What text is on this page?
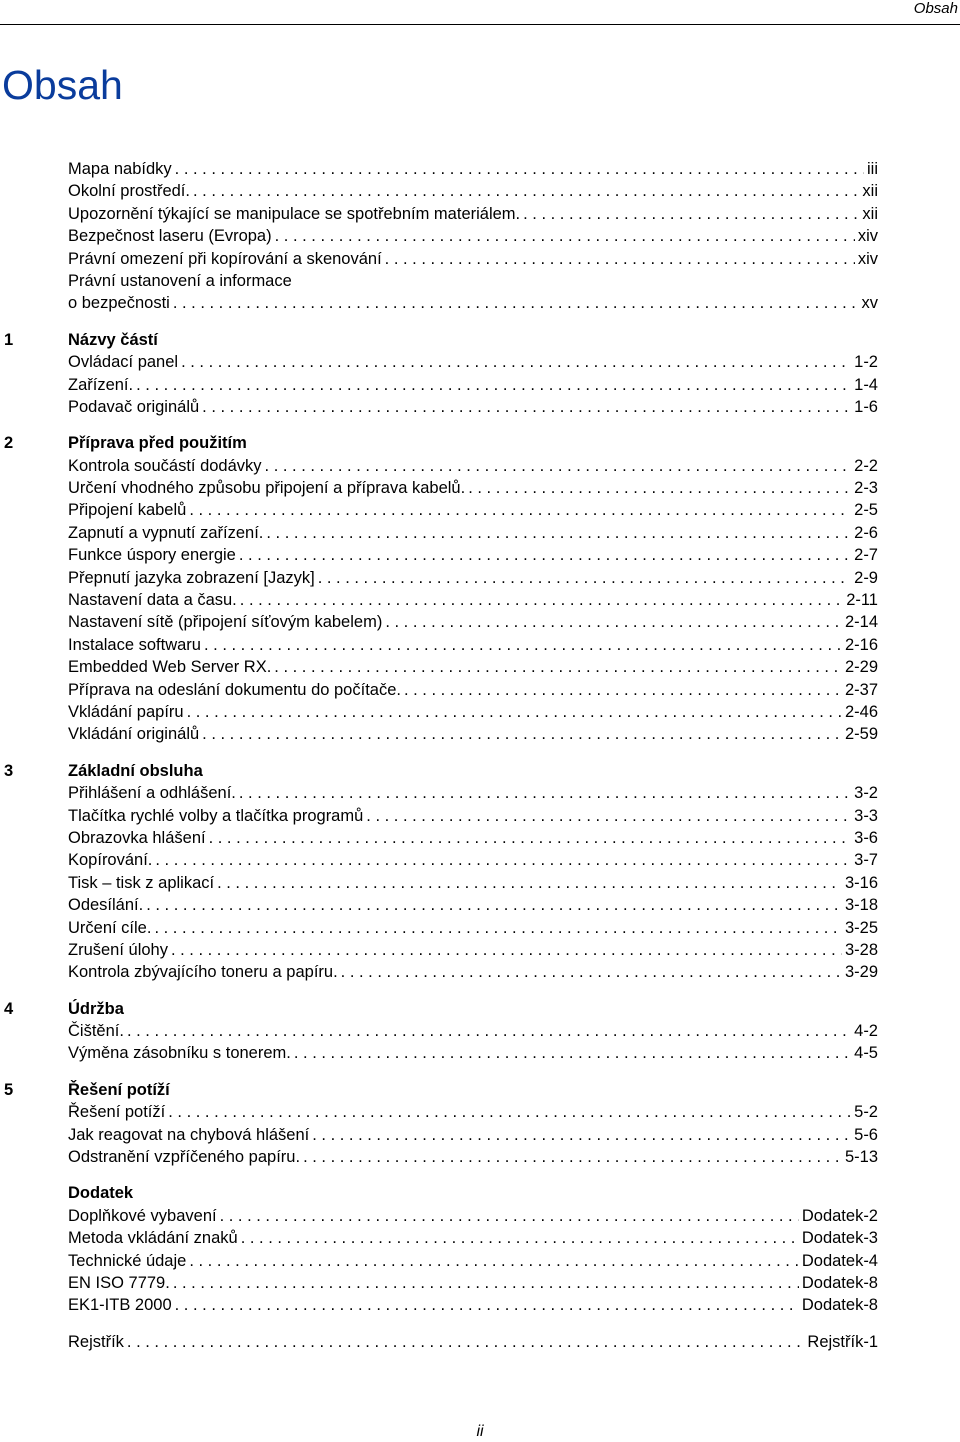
Obsah
Obsah
Mapa nabídky . . .	iii
Okolní prostředí. . . .	xii
Upozornění týkající se manipulace se spotřebním materiálem. . . .	xii
Bezpečnost laseru (Evropa) . . .	xiv
Právní omezení při kopírování a skenování . . .	xiv
Právní ustanovení a informace
o bezpečnosti . . .	xv
1	Názvy částí
Ovládací panel . . .	1-2
Zařízení. . . .	1-4
Podavač originálů . . .	1-6
2	Příprava před použitím
Kontrola součástí dodávky . . .	2-2
Určení vhodného způsobu připojení a příprava kabelů. . . .	2-3
Připojení kabelů . . .	2-5
Zapnutí a vypnutí zařízení. . . .	2-6
Funkce úspory energie . . .	2-7
Přepnutí jazyka zobrazení [Jazyk] . . .	2-9
Nastavení data a času. . . .	2-11
Nastavení sítě (připojení síťovým kabelem) . . .	2-14
Instalace softwaru . . .	2-16
Embedded Web Server RX. . . .	2-29
Příprava na odeslání dokumentu do počítače. . . .	2-37
Vkládání papíru . . .	2-46
Vkládání originálů . . .	2-59
3	Základní obsluha
Přihlášení a odhlášení. . . .	3-2
Tlačítka rychlé volby a tlačítka programů . . .	3-3
Obrazovka hlášení . . .	3-6
Kopírování. . . .	3-7
Tisk – tisk z aplikací . . .	3-16
Odesílání. . . .	3-18
Určení cíle. . . .	3-25
Zrušení úlohy . . .	3-28
Kontrola zbývajícího toneru a papíru. . . .	3-29
4	Údržba
Čištění. . . .	4-2
Výměna zásobníku s tonerem. . . .	4-5
5	Řešení potíží
Řešení potíží . . .	5-2
Jak reagovat na chybová hlášení . . .	5-6
Odstranění vzpříčeného papíru. . . .	5-13
Dodatek
Doplňkové vybavení . . .	Dodatek-2
Metoda vkládání znaků . . .	Dodatek-3
Technické údaje . . .	Dodatek-4
EN ISO 7779. . . .	Dodatek-8
EK1-ITB 2000 . . .	Dodatek-8
Rejstřík . . .	Rejstřík-1
ii
